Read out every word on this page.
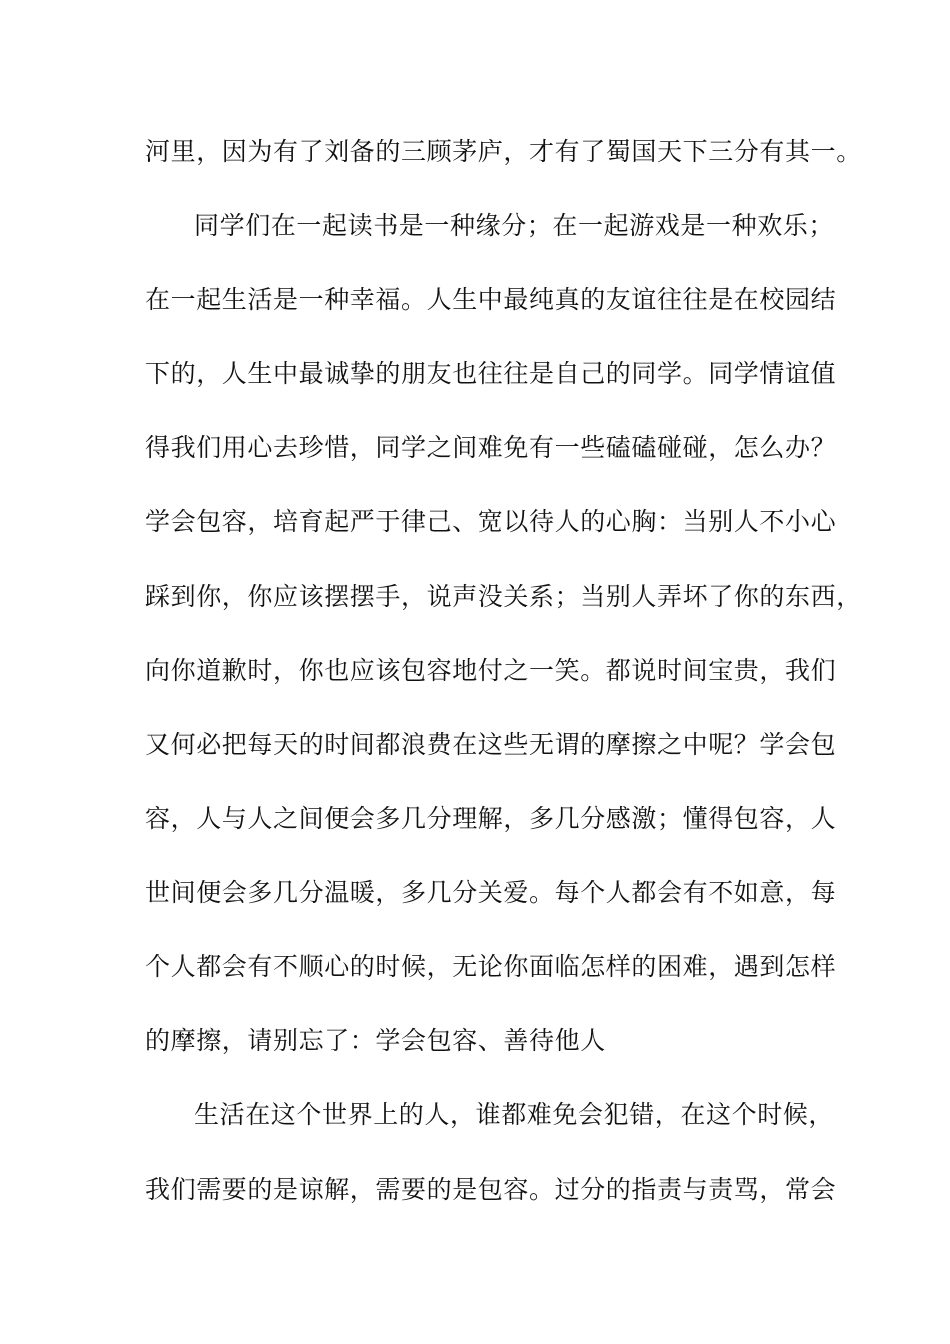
河里，因为有了刘备的三顾茅庐，才有了蜀国天下三分有其一。

同学们在一起读书是一种缘分；在一起游戏是一种欢乐；

在一起生活是一种幸福。人生中最纯真的友谊往往是在校园结

下的，人生中最诚挚的朋友也往往是自己的同学。同学情谊值

得我们用心去珍惜，同学之间难免有一些磕磕碰碰，怎么办？

学会包容，培育起严于律己、宽以待人的心胸：当别人不小心

踩到你，你应该摆摆手，说声没关系；当别人弄坏了你的东西，

向你道歉时，你也应该包容地付之一笑。都说时间宝贵，我们

又何必把每天的时间都浪费在这些无谓的摩擦之中呢？学会包

容，人与人之间便会多几分理解，多几分感激；懂得包容，人

世间便会多几分温暖，多几分关爱。每个人都会有不如意，每

个人都会有不顺心的时候，无论你面临怎样的困难，遇到怎样

的摩擦，请别忘了：学会包容、善待他人

生活在这个世界上的人，谁都难免会犯错，在这个时候，

我们需要的是谅解，需要的是包容。过分的指责与责骂，常会
